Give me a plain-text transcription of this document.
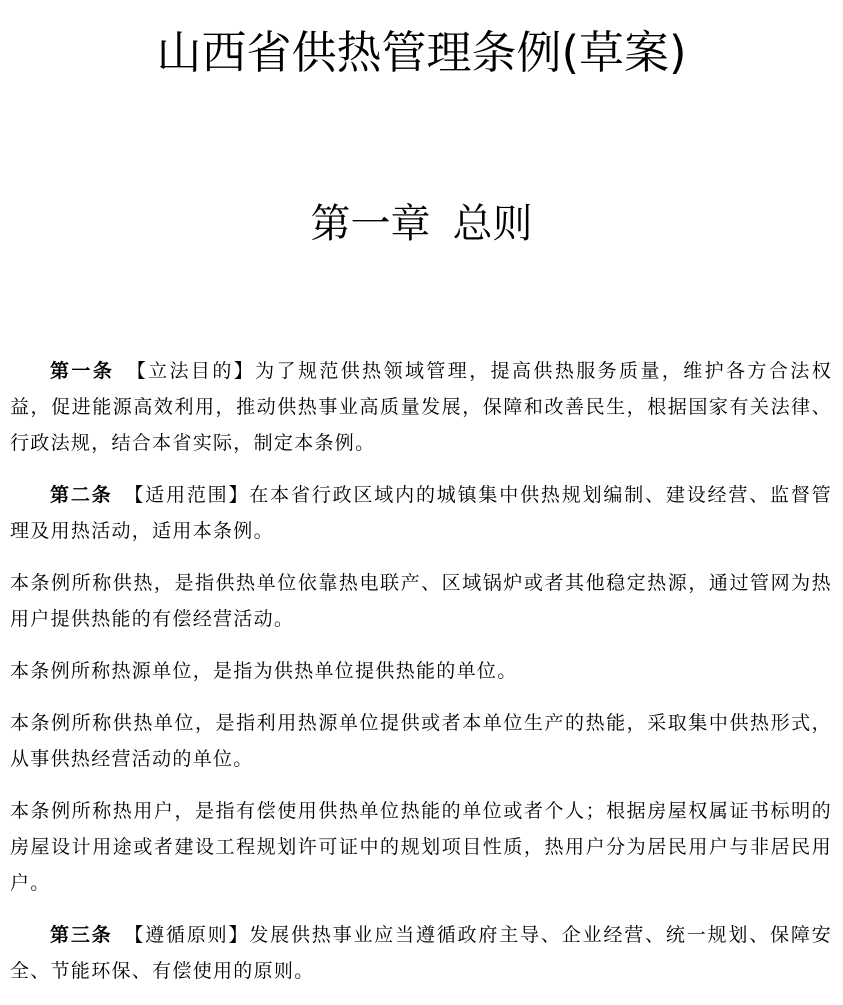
山西省供热管理条例(草案)
第一章 总则

第一条 【立法目的】为了规范供热领域管理，提高供热服务质量，维护各方合法权益，促进能源高效利用，推动供热事业高质量发展，保障和改善民生，根据国家有关法律、行政法规，结合本省实际，制定本条例。

第二条 【适用范围】在本省行政区域内的城镇集中供热规划编制、建设经营、监督管理及用热活动，适用本条例。

本条例所称供热，是指供热单位依靠热电联产、区域锅炉或者其他稳定热源，通过管网为热用户提供热能的有偿经营活动。

本条例所称热源单位，是指为供热单位提供热能的单位。

本条例所称供热单位，是指利用热源单位提供或者本单位生产的热能，采取集中供热形式，从事供热经营活动的单位。

本条例所称热用户，是指有偿使用供热单位热能的单位或者个人；根据房屋权属证书标明的房屋设计用途或者建设工程规划许可证中的规划项目性质，热用户分为居民用户与非居民用户。

第三条 【遵循原则】发展供热事业应当遵循政府主导、企业经营、统一规划、保障安全、节能环保、有偿使用的原则。
